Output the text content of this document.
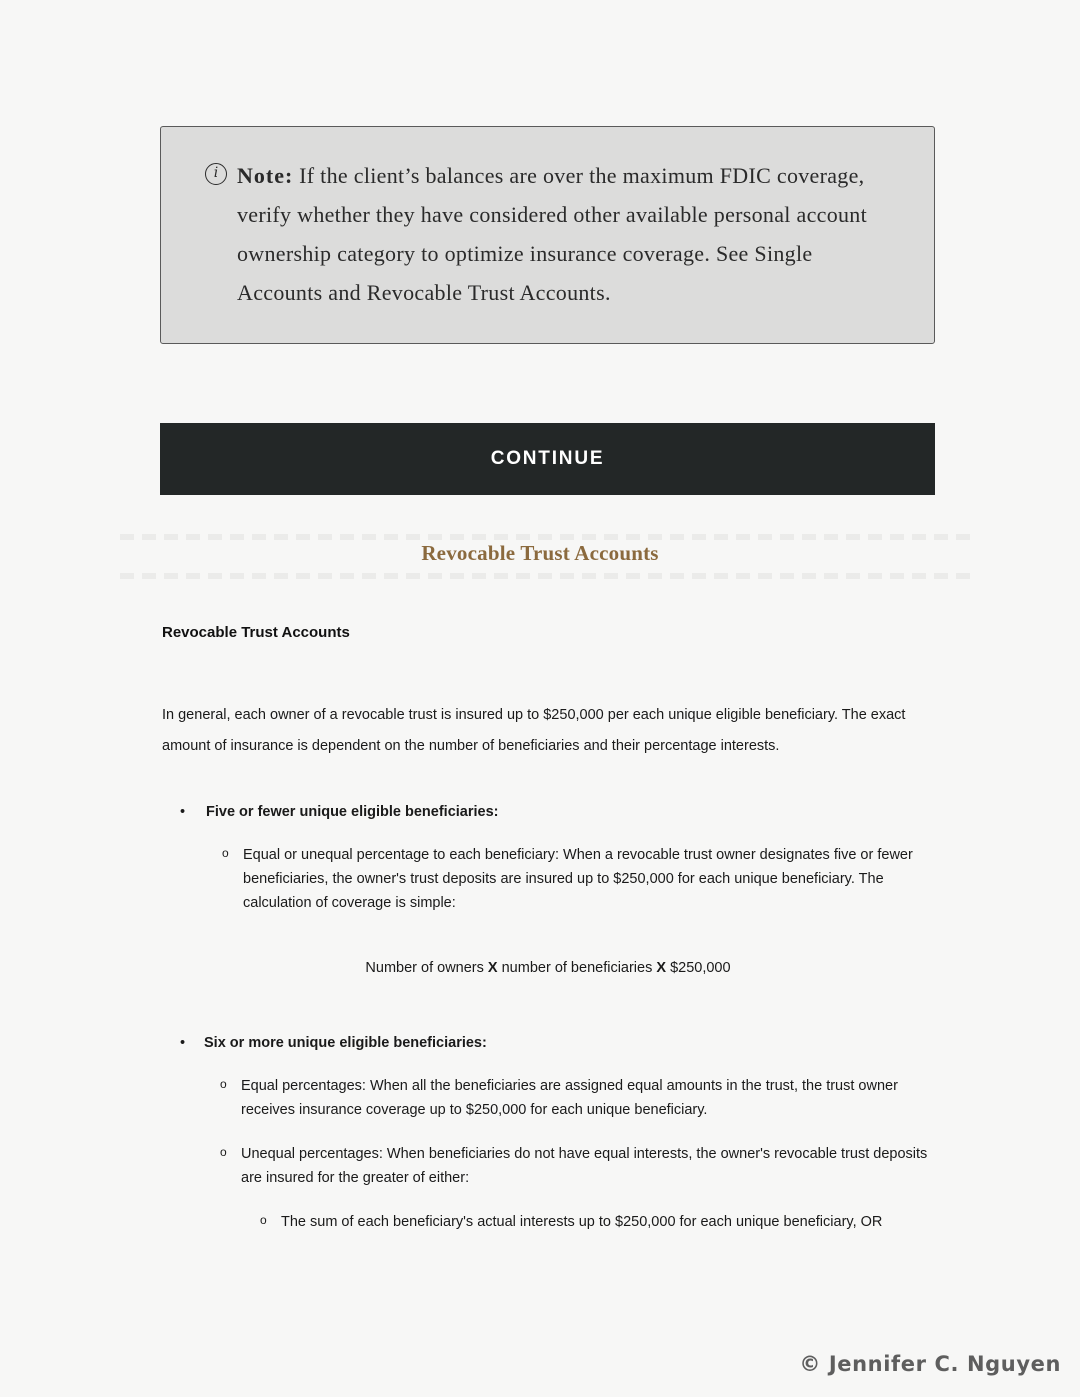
i Note: If the client’s balances are over the maximum FDIC coverage, verify whether they have considered other available personal account ownership category to optimize insurance coverage. See Single Accounts and Revocable Trust Accounts.
CONTINUE
Revocable Trust Accounts
Revocable Trust Accounts

In general, each owner of a revocable trust is insured up to $250,000 per each unique eligible beneficiary. The exact amount of insurance is dependent on the number of beneficiaries and their percentage interests.

• Five or fewer unique eligible beneficiaries:
o Equal or unequal percentage to each beneficiary: When a revocable trust owner designates five or fewer beneficiaries, the owner's trust deposits are insured up to $250,000 for each unique beneficiary. The calculation of coverage is simple:

Number of owners X number of beneficiaries X $250,000

• Six or more unique eligible beneficiaries:
o Equal percentages: When all the beneficiaries are assigned equal amounts in the trust, the trust owner receives insurance coverage up to $250,000 for each unique beneficiary.
o Unequal percentages: When beneficiaries do not have equal interests, the owner's revocable trust deposits are insured for the greater of either:
o The sum of each beneficiary's actual interests up to $250,000 for each unique beneficiary, OR
© Jennifer C. Nguyen
